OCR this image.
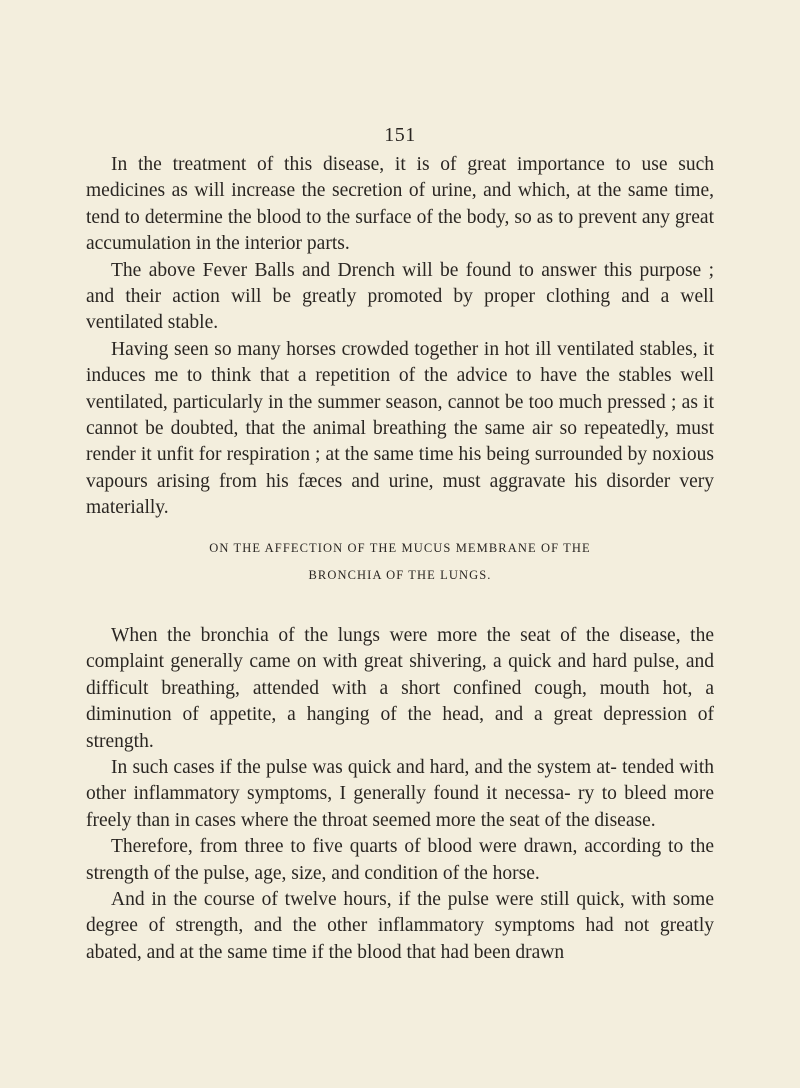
151

In the treatment of this disease, it is of great importance to use such medicines as will increase the secretion of urine, and which, at the same time, tend to determine the blood to the surface of the body, so as to prevent any great accumulation in the interior parts.

The above Fever Balls and Drench will be found to answer this purpose ; and their action will be greatly promoted by proper clothing and a well ventilated stable.

Having seen so many horses crowded together in hot ill ventilated stables, it induces me to think that a repetition of the advice to have the stables well ventilated, particularly in the summer season, cannot be too much pressed ; as it cannot be doubted, that the animal breathing the same air so repeatedly, must render it unfit for respiration ; at the same time his being surrounded by noxious vapours arising from his fæces and urine, must aggravate his disorder very materially.

ON THE AFFECTION OF THE MUCUS MEMBRANE OF THE
BRONCHIA OF THE LUNGS.

When the bronchia of the lungs were more the seat of the disease, the complaint generally came on with great shivering, a quick and hard pulse, and difficult breathing, attended with a short confined cough, mouth hot, a diminution of appetite, a hanging of the head, and a great depression of strength.

In such cases if the pulse was quick and hard, and the system at- tended with other inflammatory symptoms, I generally found it necessa- ry to bleed more freely than in cases where the throat seemed more the seat of the disease.

Therefore, from three to five quarts of blood were drawn, according to the strength of the pulse, age, size, and condition of the horse.

And in the course of twelve hours, if the pulse were still quick, with some degree of strength, and the other inflammatory symptoms had not greatly abated, and at the same time if the blood that had been drawn
